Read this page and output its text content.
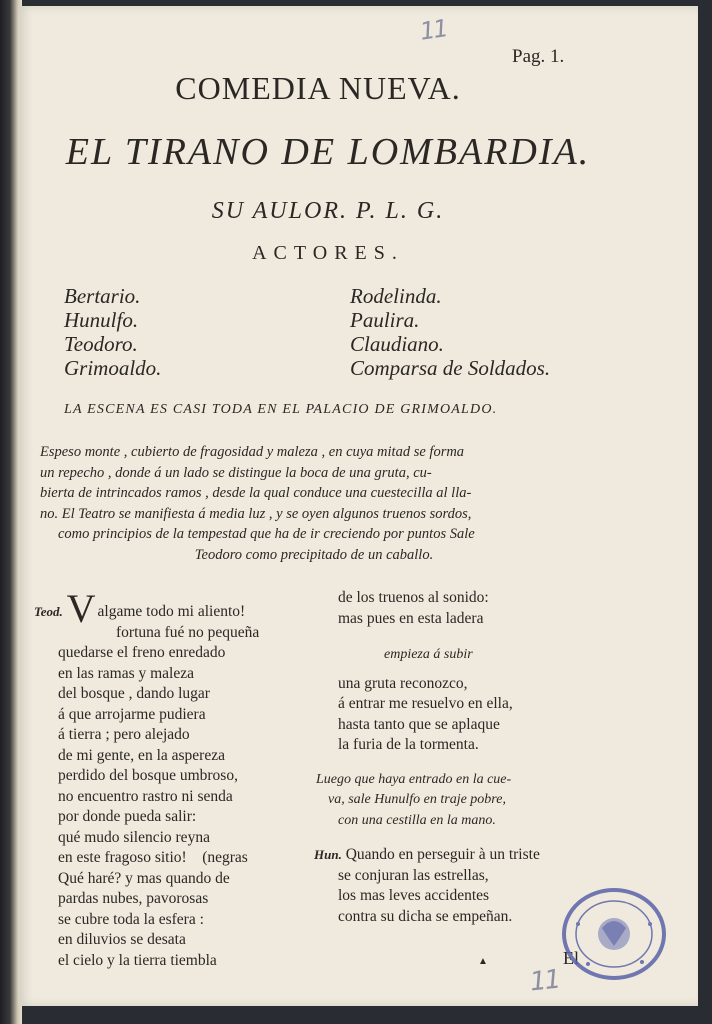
11
Pag. 1.
COMEDIA NUEVA.
EL TIRANO DE LOMBARDIA.
SU AULOR. P. L. G.
ACTORES.
Bertario.
Hunulfo.
Teodoro.
Grimoaldo.
Rodelinda.
Paulira.
Claudiano.
Comparsa de Soldados.
LA ESCENA ES CASI TODA EN EL PALACIO DE GRIMOALDO.
Espeso monte , cubierto de fragosidad y maleza , en cuya mitad se forma
un repecho , donde á un lado se distingue la boca de una gruta, cu-
bierta de intrincados ramos , desde la qual conduce una cuestecilla al lla-
no. El Teatro se manifiesta á media luz , y se oyen algunos truenos sordos,
como principios de la tempestad que ha de ir creciendo por puntos Sale
Teodoro como precipitado de un caballo.
Teod. V algame todo mi aliento!
fortuna fué no pequeña
quedarse el freno enredado
en las ramas y maleza
del bosque , dando lugar
á que arrojarme pudiera
á tierra ; pero alejado
de mi gente, en la aspereza
perdido del bosque umbroso,
no encuentro rastro ni senda
por donde pueda salir:
qué mudo silencio reyna
en este fragoso sitio!    (negras
Qué haré? y mas quando de
pardas nubes, pavorosas
se cubre toda la esfera :
en diluvios se desata
el cielo y la tierra tiembla
de los truenos al sonido:
mas pues en esta ladera
empieza á subir
una gruta reconozco,
á entrar me resuelvo en ella,
hasta tanto que se aplaque
la furia de la tormenta.
Luego que haya entrado en la cue-
va, sale Hunulfo en traje pobre,
con una cestilla en la mano.
Hun. Quando en perseguir à un triste
se conjuran las estrellas,
los mas leves accidentes
contra su dicha se empeñan.
▲	El
11
